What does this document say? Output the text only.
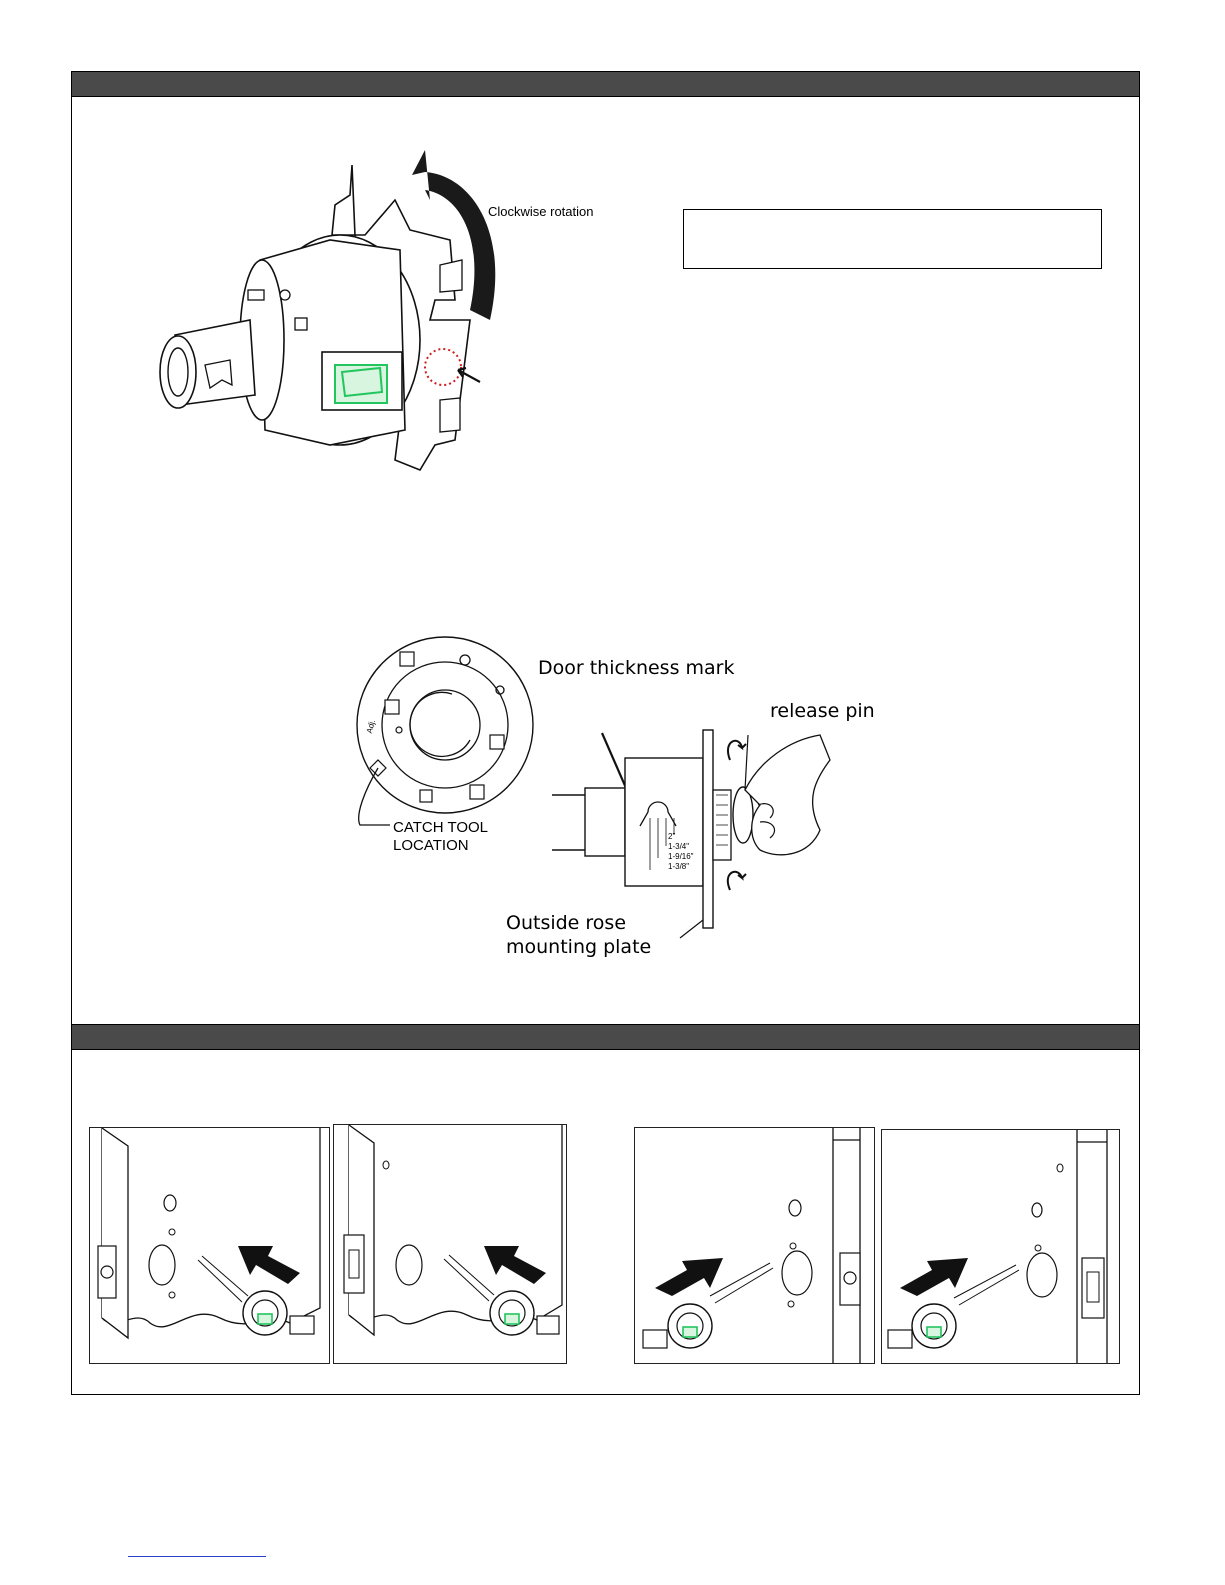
Clockwise rotation
Door thickness mark
release pin
CATCH TOOL
LOCATION
Outside rose
mounting plate
Adj.
2"
1-3/4"
1-9/16"
1-3/8"
